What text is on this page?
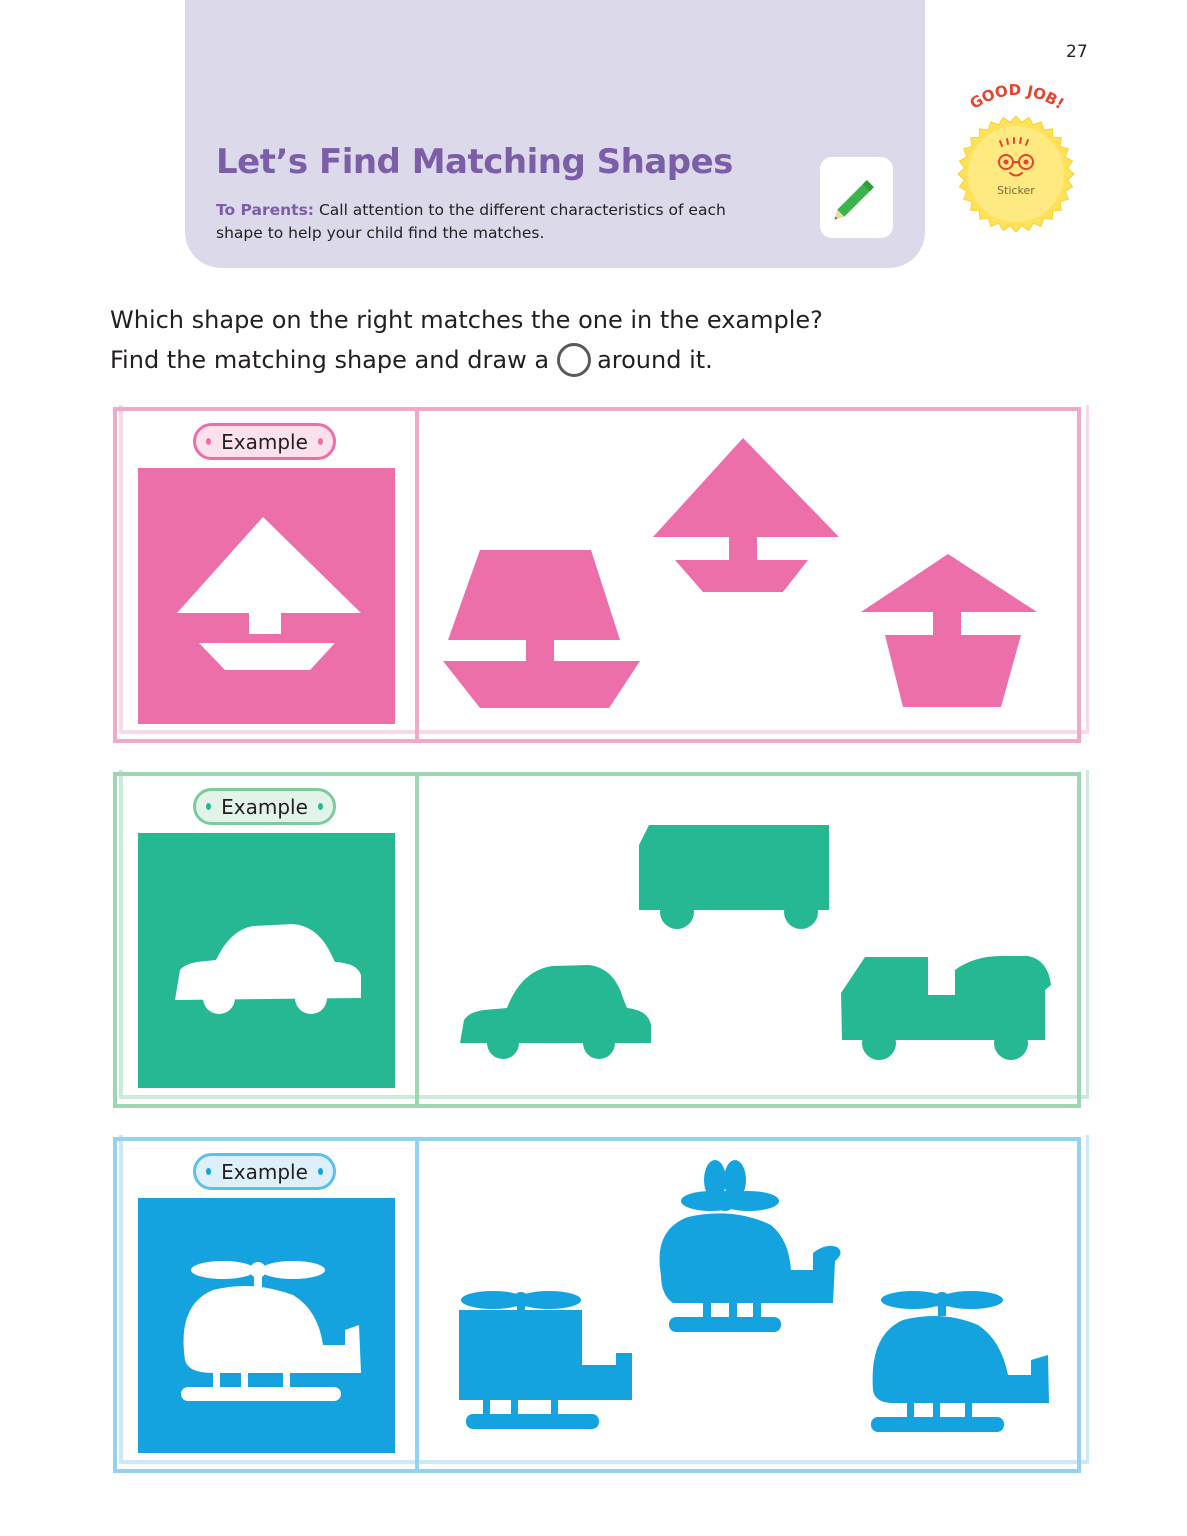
Let’s Find Matching Shapes
To Parents: Call attention to the different characteristics of each shape to help your child find the matches.
27
GOOD JOB!
Sticker
Which shape on the right matches the one in the example?
Find the matching shape and draw a around it.
Example
Example
Example
